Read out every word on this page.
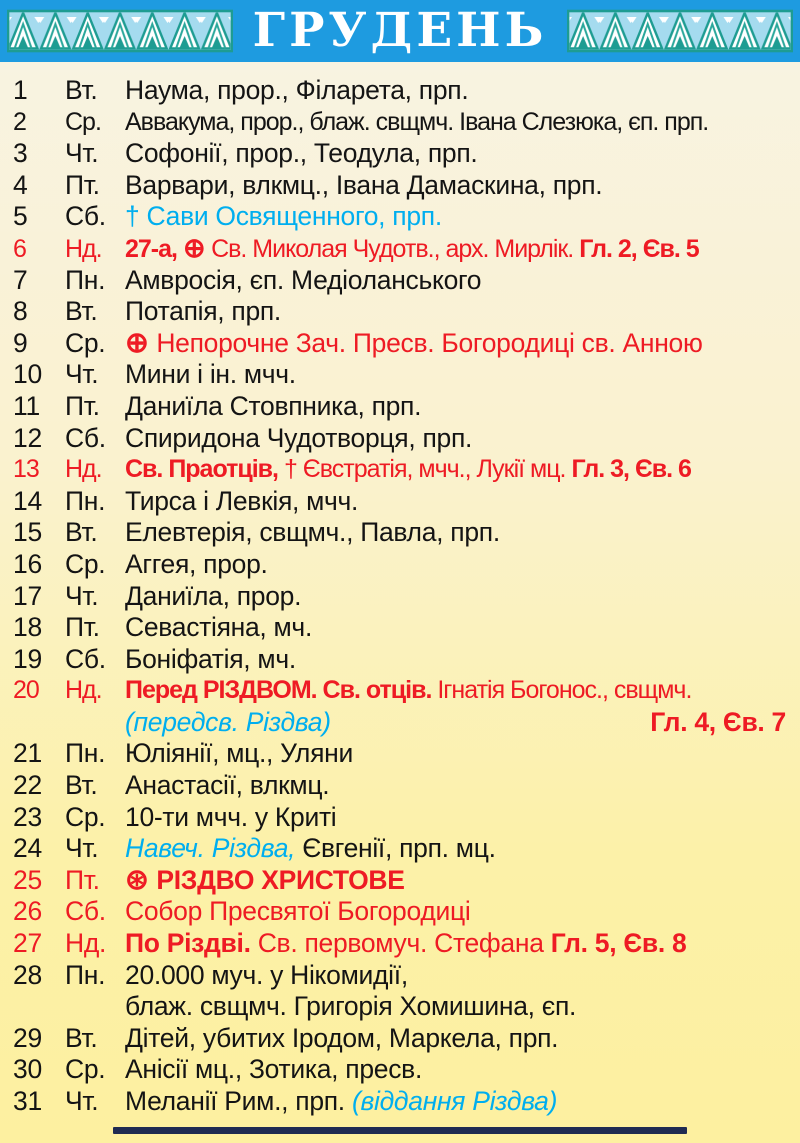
ГРУДЕНЬ
1	Вт.	Наума, прор., Філарета, прп.
2	Ср. Аввакума, прор., блаж. свщмч. Івана Слезюка, єп. прп.
3	Чт.	Софонії, прор., Теодула, прп.
4	Пт. Варвари, влкмц., Івана Дамаскина, прп.
5	Сб. † Сави Освященного, прп.
6	Нд. 27-а, ⊕ Св. Миколая Чудотв., арх. Мирлік. Гл. 2, Єв. 5
7	Пн. Амвросія, єп. Медіоланського
8	Вт.	Потапія, прп.
9	Ср. ⊕ Непорочне Зач. Пресв. Богородиці св. Анною
10 Чт.	Мини і ін. мчч.
11 Пт. Даниїла Стовпника, прп.
12 Сб. Спиридона Чудотворця, прп.
13	Нд. Св. Праотців, † Євстратія, мчч., Лукії мц. Гл. 3, Єв. 6
14 Пн. Тирса і Левкія, мчч.
15 Вт.	Елевтерія, свщмч., Павла, прп.
16 Ср. Аггея, прор.
17 Чт.	Даниїла, прор.
18 Пт. Севастіяна, мч.
19 Сб. Боніфатія, мч.
20	Нд. Перед РІЗДВОМ. Св. отців. Ігнатія Богонос., свщмч.
(передсв. Різдва)	Гл. 4, Єв. 7
21 Пн. Юліянії, мц., Уляни
22 Вт.	Анастасії, влкмц.
23 Ср. 10-ти мчч. у Криті
24 Чт.	Навеч. Різдва, Євгенії, прп. мц.
25 Пт. ⊛ РІЗДВО ХРИСТОВЕ
26 Сб. Собор Пресвятої Богородиці
27 Нд. По Різдві. Св. первомуч. Стефана Гл. 5, Єв. 8
28 Пн. 20.000 муч. у Нікомидії,
блаж. свщмч. Григорія Хомишина, єп.
29 Вт.	Дітей, убитих Іродом, Маркела, прп.
30 Ср. Анісії мц., Зотика, пресв.
31 Чт.	Меланії Рим., прп. (віддання Різдва)
